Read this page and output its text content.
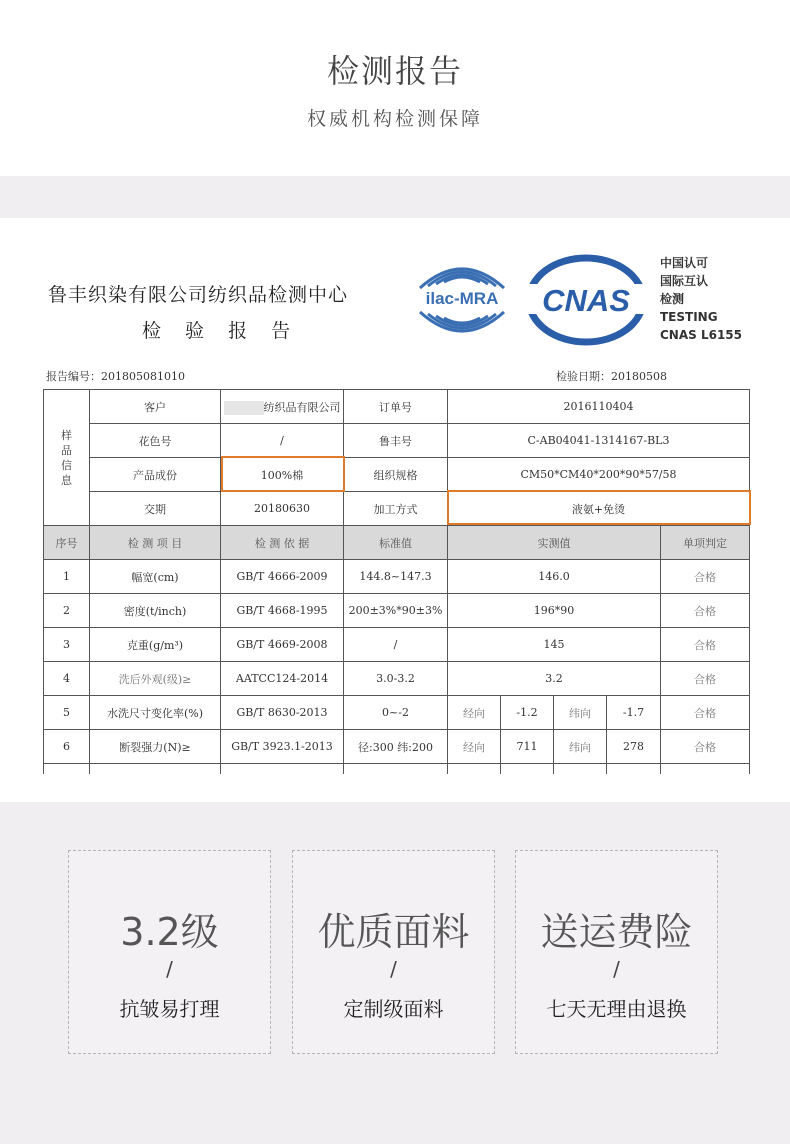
检测报告
权威机构检测保障
鲁丰织染有限公司纺织品检测中心
检 验 报 告
ilac-MRA CNAS
中国认可
国际互认
检测
TESTING
CNAS L6155
报告编号：201805081010	检验日期：20180508
样品信息	客户	纺织品有限公司	订单号	2016110404				
	花色号	/	鲁丰号	C-AB04041-1314167-BL3				
	产品成份	100%棉	组织规格	CM50*CM40*200*90*57/58				
	交期	20180630	加工方式	液氨+免烫				
序号	检 测 项 目	检 测 依 据	标准值	实测值				单项判定
1	幅宽(cm)	GB/T 4666-2009	144.8~147.3	146.0				合格
2	密度(t/inch)	GB/T 4668-1995	200±3%*90±3%	196*90				合格
3	克重(g/m³)	GB/T 4669-2008	/	145				合格
4	洗后外观(级)≥	AATCC124-2014	3.0-3.2	3.2				合格
5	水洗尺寸变化率(%)	GB/T 8630-2013	0~-2	经向	-1.2	纬向	-1.7	合格
6	断裂强力(N)≥	GB/T 3923.1-2013	径:300 纬:200	经向	711	纬向	278	合格

3.2级
/
抗皱易打理
优质面料
/
定制级面料
送运费险
/
七天无理由退换
